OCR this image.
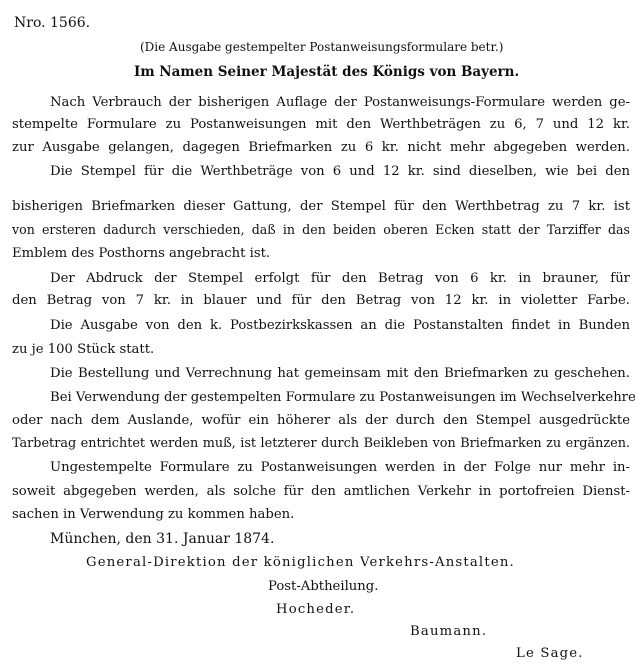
Nro. 1566.
(Die Ausgabe gestempelter Postanweisungsformulare betr.)
Im Namen Seiner Majestät des Königs von Bayern.
Nach Verbrauch der bisherigen Auflage der Postanweisungs-Formulare werden ge-
stempelte Formulare zu Postanweisungen mit den Werthbeträgen zu 6, 7 und 12 kr.
zur Ausgabe gelangen, dagegen Briefmarken zu 6 kr. nicht mehr abgegeben werden.
Die Stempel für die Werthbeträge von 6 und 12 kr. sind dieselben, wie bei den
bisherigen Briefmarken dieser Gattung, der Stempel für den Werthbetrag zu 7 kr. ist
von ersteren dadurch verschieden, daß in den beiden oberen Ecken statt der Tarziffer das
Emblem des Posthorns angebracht ist.
Der Abdruck der Stempel erfolgt für den Betrag von 6 kr. in brauner, für
den Betrag von 7 kr. in blauer und für den Betrag von 12 kr. in violetter Farbe.
Die Ausgabe von den k. Postbezirkskassen an die Postanstalten findet in Bunden
zu je 100 Stück statt.
Die Bestellung und Verrechnung hat gemeinsam mit den Briefmarken zu geschehen.
Bei Verwendung der gestempelten Formulare zu Postanweisungen im Wechselverkehre
oder nach dem Auslande, wofür ein höherer als der durch den Stempel ausgedrückte
Tarbetrag entrichtet werden muß, ist letzterer durch Beikleben von Briefmarken zu ergänzen.
Ungestempelte Formulare zu Postanweisungen werden in der Folge nur mehr in-
soweit abgegeben werden, als solche für den amtlichen Verkehr in portofreien Dienst-
sachen in Verwendung zu kommen haben.
München, den 31. Januar 1874.
General-Direktion der königlichen Verkehrs-Anstalten.
Post-Abtheilung.
Hocheder.
Baumann.
Le Sage.
